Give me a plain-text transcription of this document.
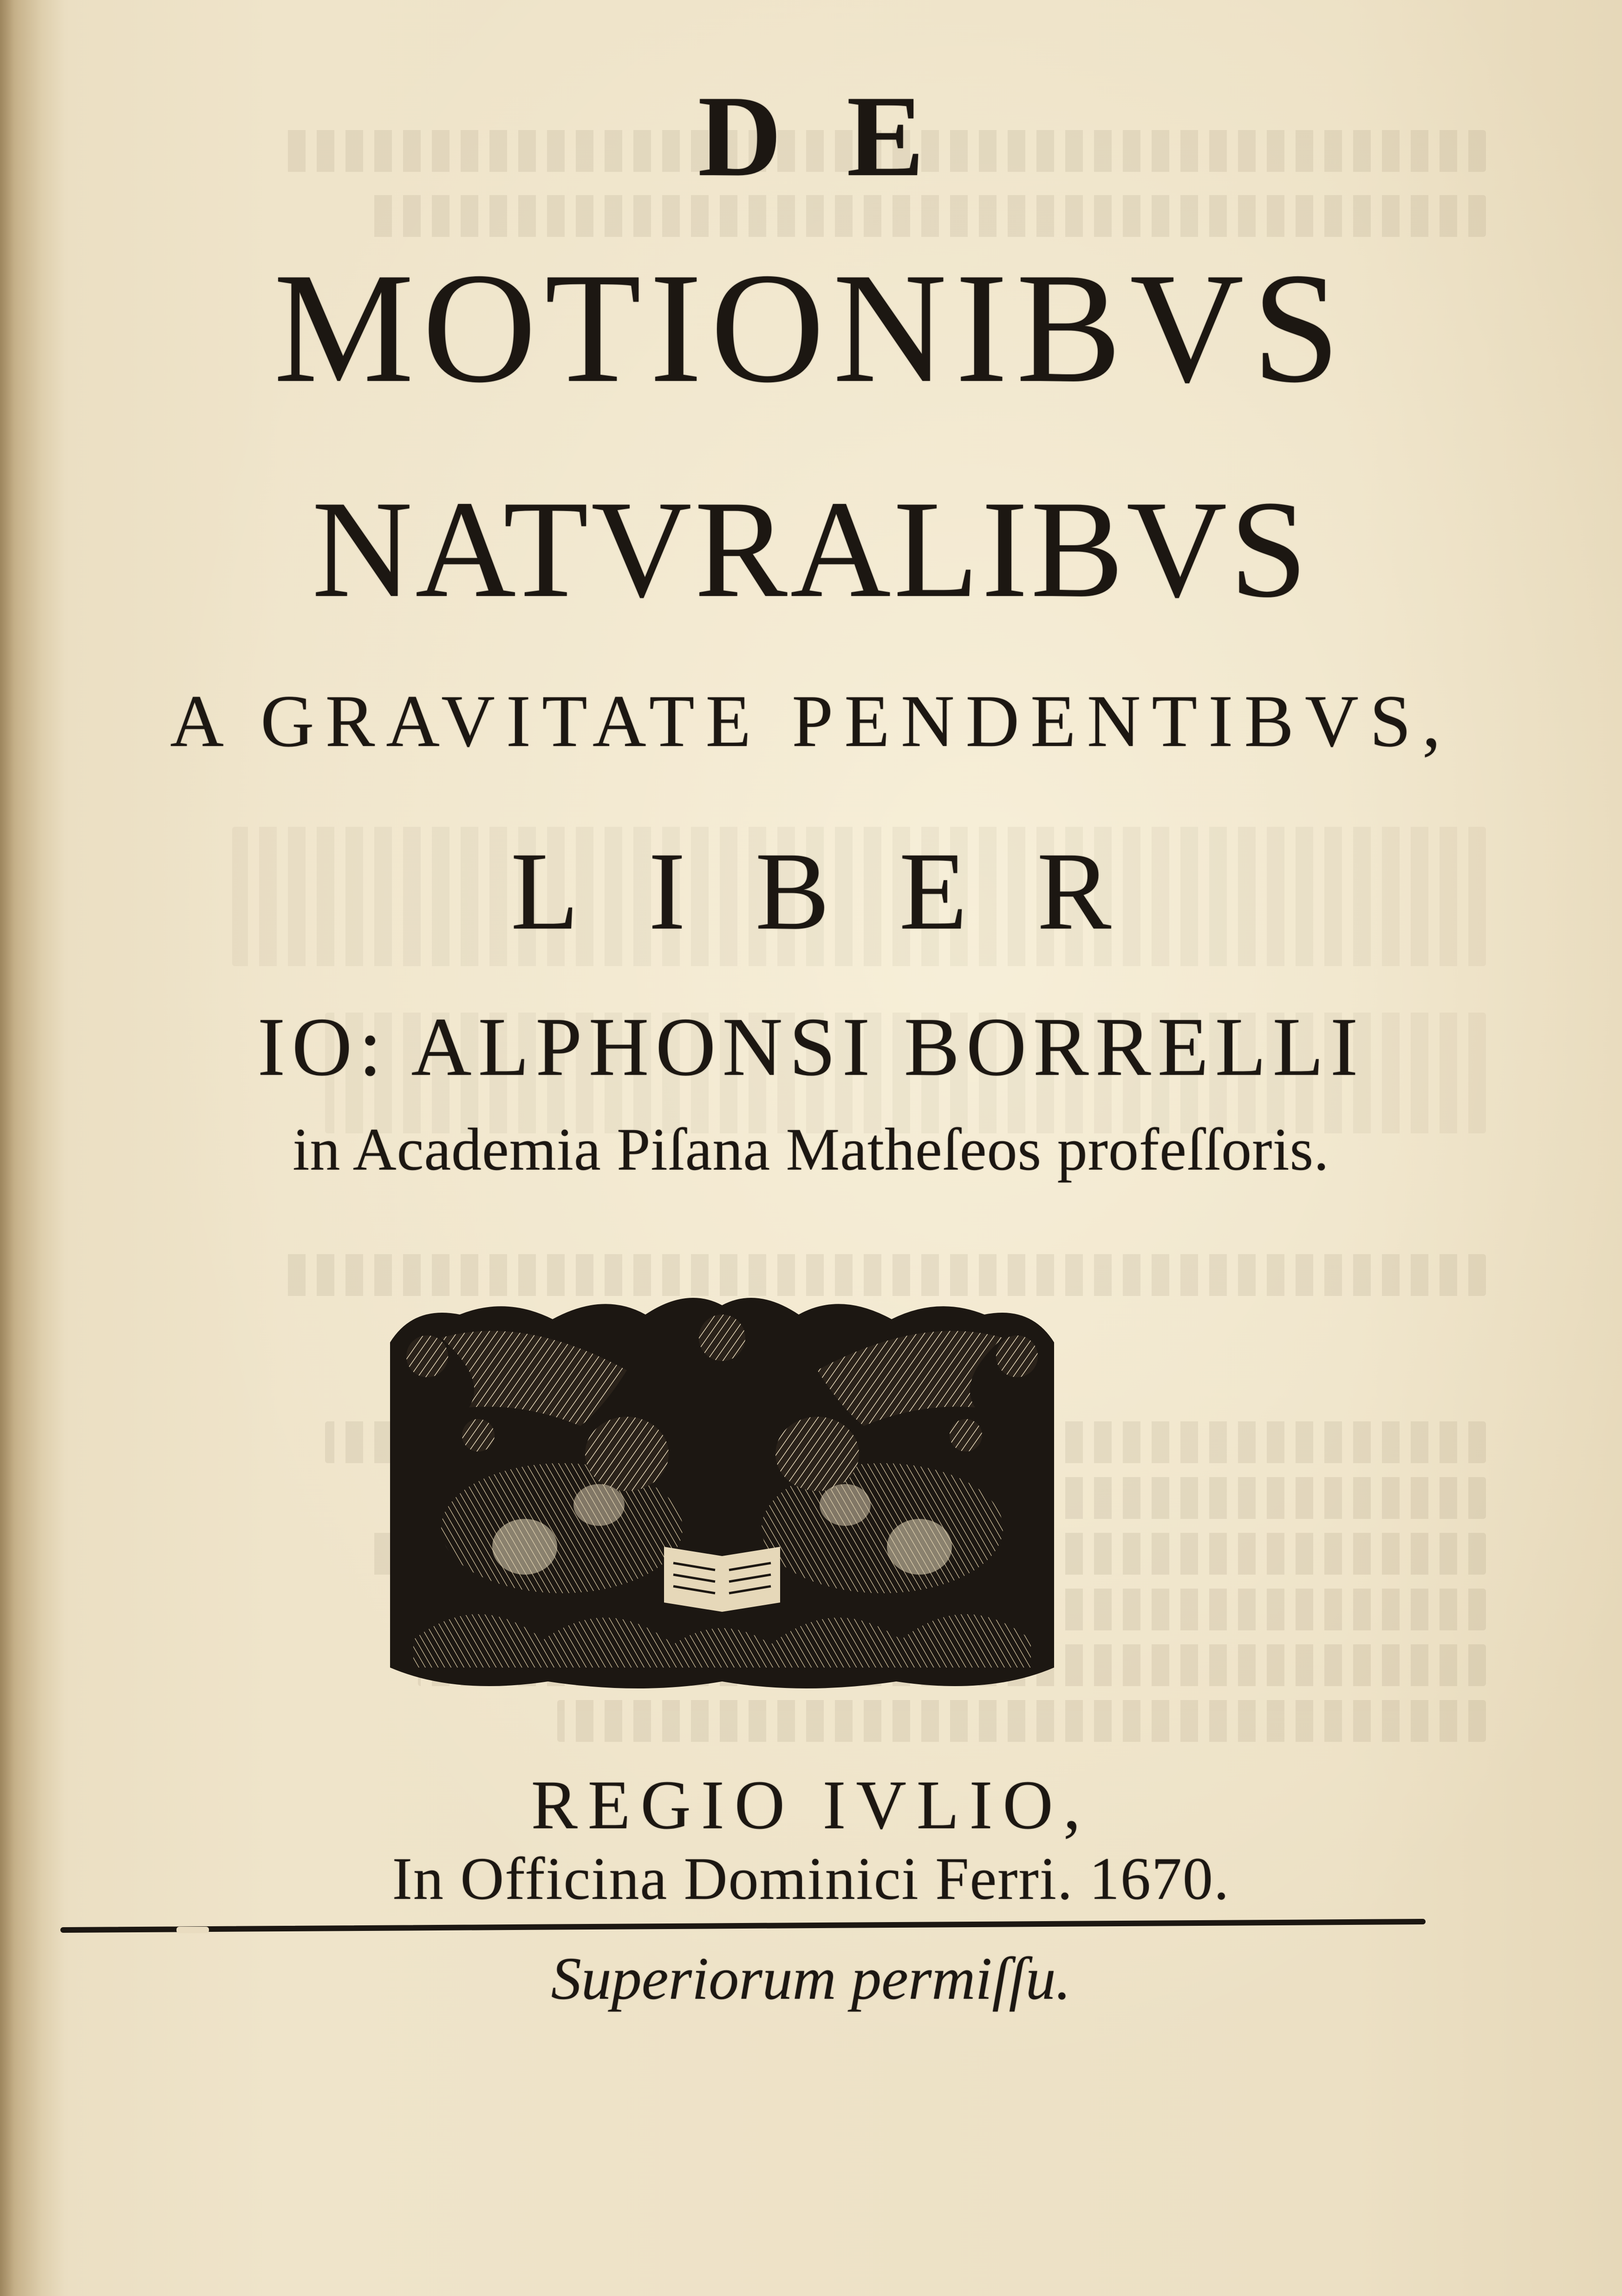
DE
MOTIONIBVS
NATVRALIBVS
A GRAVITATE PENDENTIBVS,
LIBER
IO: ALPHONSI BORRELLI
in Academia Piſana Matheſeos profeſſoris.
REGIO IVLIO,
In Officina Dominici Ferri. 1670.
Superiorum permiſſu.
